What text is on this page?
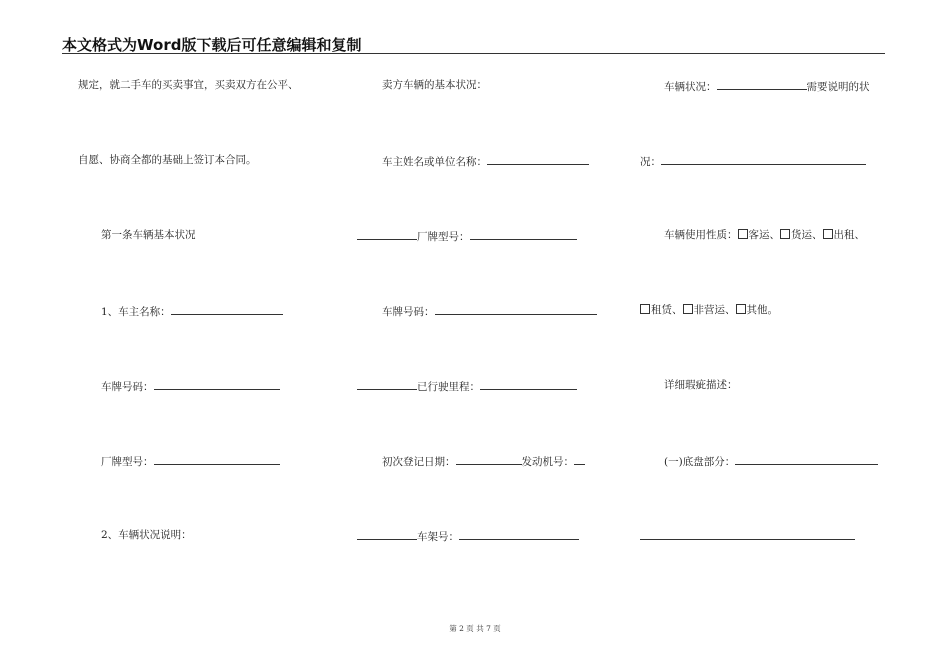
本文格式为Word版下载后可任意编辑和复制
规定，就二手车的买卖事宜，买卖双方在公平、
自愿、协商全都的基础上签订本合同。
第一条车辆基本状况
1、车主名称：
车牌号码：
厂牌型号：
2、车辆状况说明：
卖方车辆的基本状况：
车主姓名或单位名称：
厂牌型号：
车牌号码：
已行驶里程：
初次登记日期：	发动机号：
车架号：
车辆状况：	需要说明的状
况：
车辆使用性质： 客运、 货运、 出租、
租赁、 非营运、 其他。
详细瑕疵描述：
(一)底盘部分：
第 2 页 共 7 页
